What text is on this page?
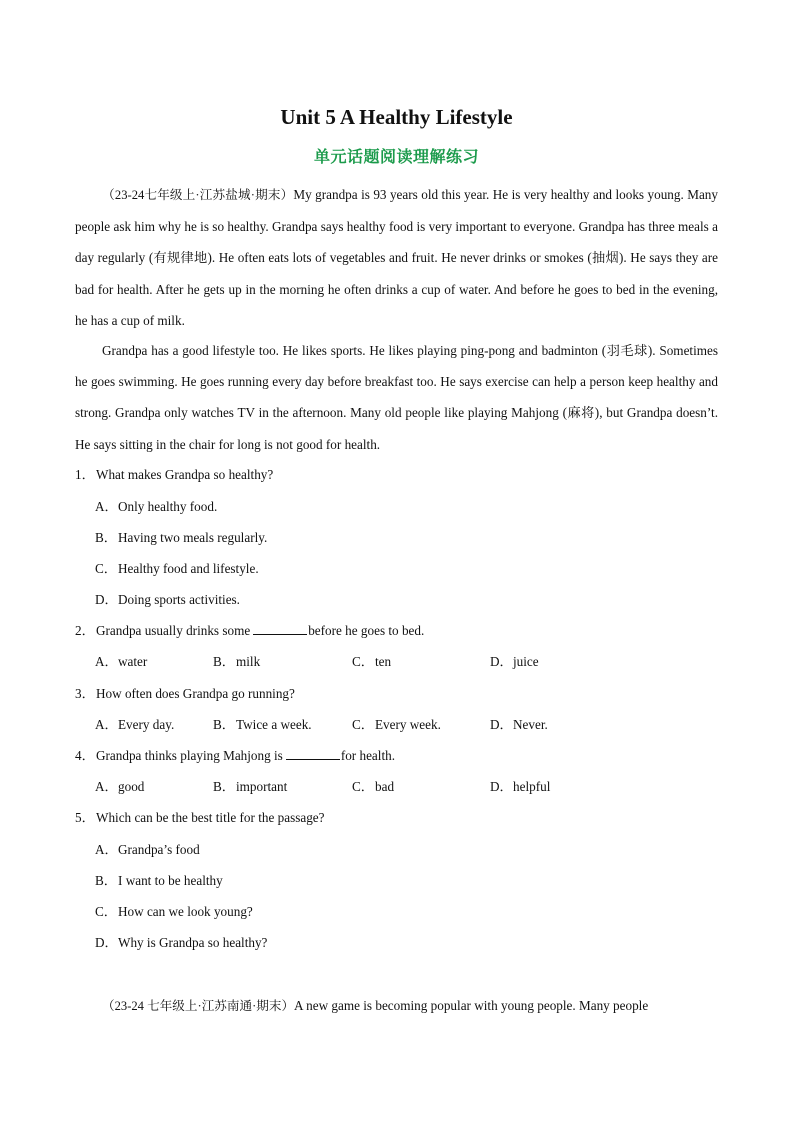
Unit 5 A Healthy Lifestyle
单元话题阅读理解练习
（23-24七年级上·江苏盐城·期末）My grandpa is 93 years old this year. He is very healthy and looks young. Many people ask him why he is so healthy. Grandpa says healthy food is very important to everyone. Grandpa has three meals a day regularly (有规律地). He often eats lots of vegetables and fruit. He never drinks or smokes (抽烟). He says they are bad for health. After he gets up in the morning he often drinks a cup of water. And before he goes to bed in the evening, he has a cup of milk.
Grandpa has a good lifestyle too. He likes sports. He likes playing ping-pong and badminton (羽毛球). Sometimes he goes swimming. He goes running every day before breakfast too. He says exercise can help a person keep healthy and strong. Grandpa only watches TV in the afternoon. Many old people like playing Mahjong (麻将), but Grandpa doesn’t. He says sitting in the chair for long is not good for health.
1．What makes Grandpa so healthy?
A．Only healthy food.
B．Having two meals regularly.
C．Healthy food and lifestyle.
D．Doing sports activities.
2．Grandpa usually drinks some	before he goes to bed.
A．water	B．milk	C．ten	D．juice
3．How often does Grandpa go running?
A．Every day.	B．Twice a week.	C．Every week.	D．Never.
4．Grandpa thinks playing Mahjong is	for health.
A．good	B．important	C．bad	D．helpful
5．Which can be the best title for the passage?
A．Grandpa’s food
B．I want to be healthy
C．How can we look young?
D．Why is Grandpa so healthy?
（23-24 七年级上·江苏南通·期末）A new game is becoming popular with young people. Many people
